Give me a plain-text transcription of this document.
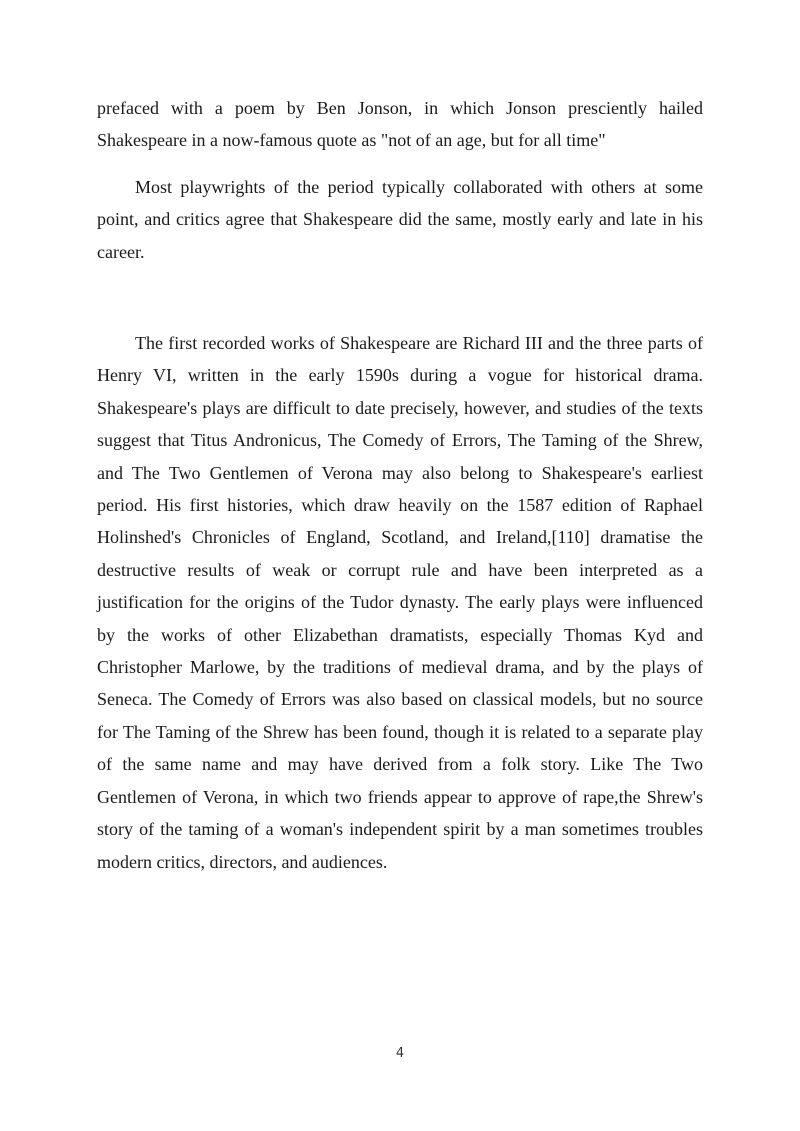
prefaced with a poem by Ben Jonson, in which Jonson presciently hailed Shakespeare in a now-famous quote as "not of an age, but for all time"

Most playwrights of the period typically collaborated with others at some point, and critics agree that Shakespeare did the same, mostly early and late in his career.

The first recorded works of Shakespeare are Richard III and the three parts of Henry VI, written in the early 1590s during a vogue for historical drama. Shakespeare's plays are difficult to date precisely, however, and studies of the texts suggest that Titus Andronicus, The Comedy of Errors, The Taming of the Shrew, and The Two Gentlemen of Verona may also belong to Shakespeare's earliest period. His first histories, which draw heavily on the 1587 edition of Raphael Holinshed's Chronicles of England, Scotland, and Ireland,[110] dramatise the destructive results of weak or corrupt rule and have been interpreted as a justification for the origins of the Tudor dynasty. The early plays were influenced by the works of other Elizabethan dramatists, especially Thomas Kyd and Christopher Marlowe, by the traditions of medieval drama, and by the plays of Seneca. The Comedy of Errors was also based on classical models, but no source for The Taming of the Shrew has been found, though it is related to a separate play of the same name and may have derived from a folk story. Like The Two Gentlemen of Verona, in which two friends appear to approve of rape,the Shrew's story of the taming of a woman's independent spirit by a man sometimes troubles modern critics, directors, and audiences.

4
